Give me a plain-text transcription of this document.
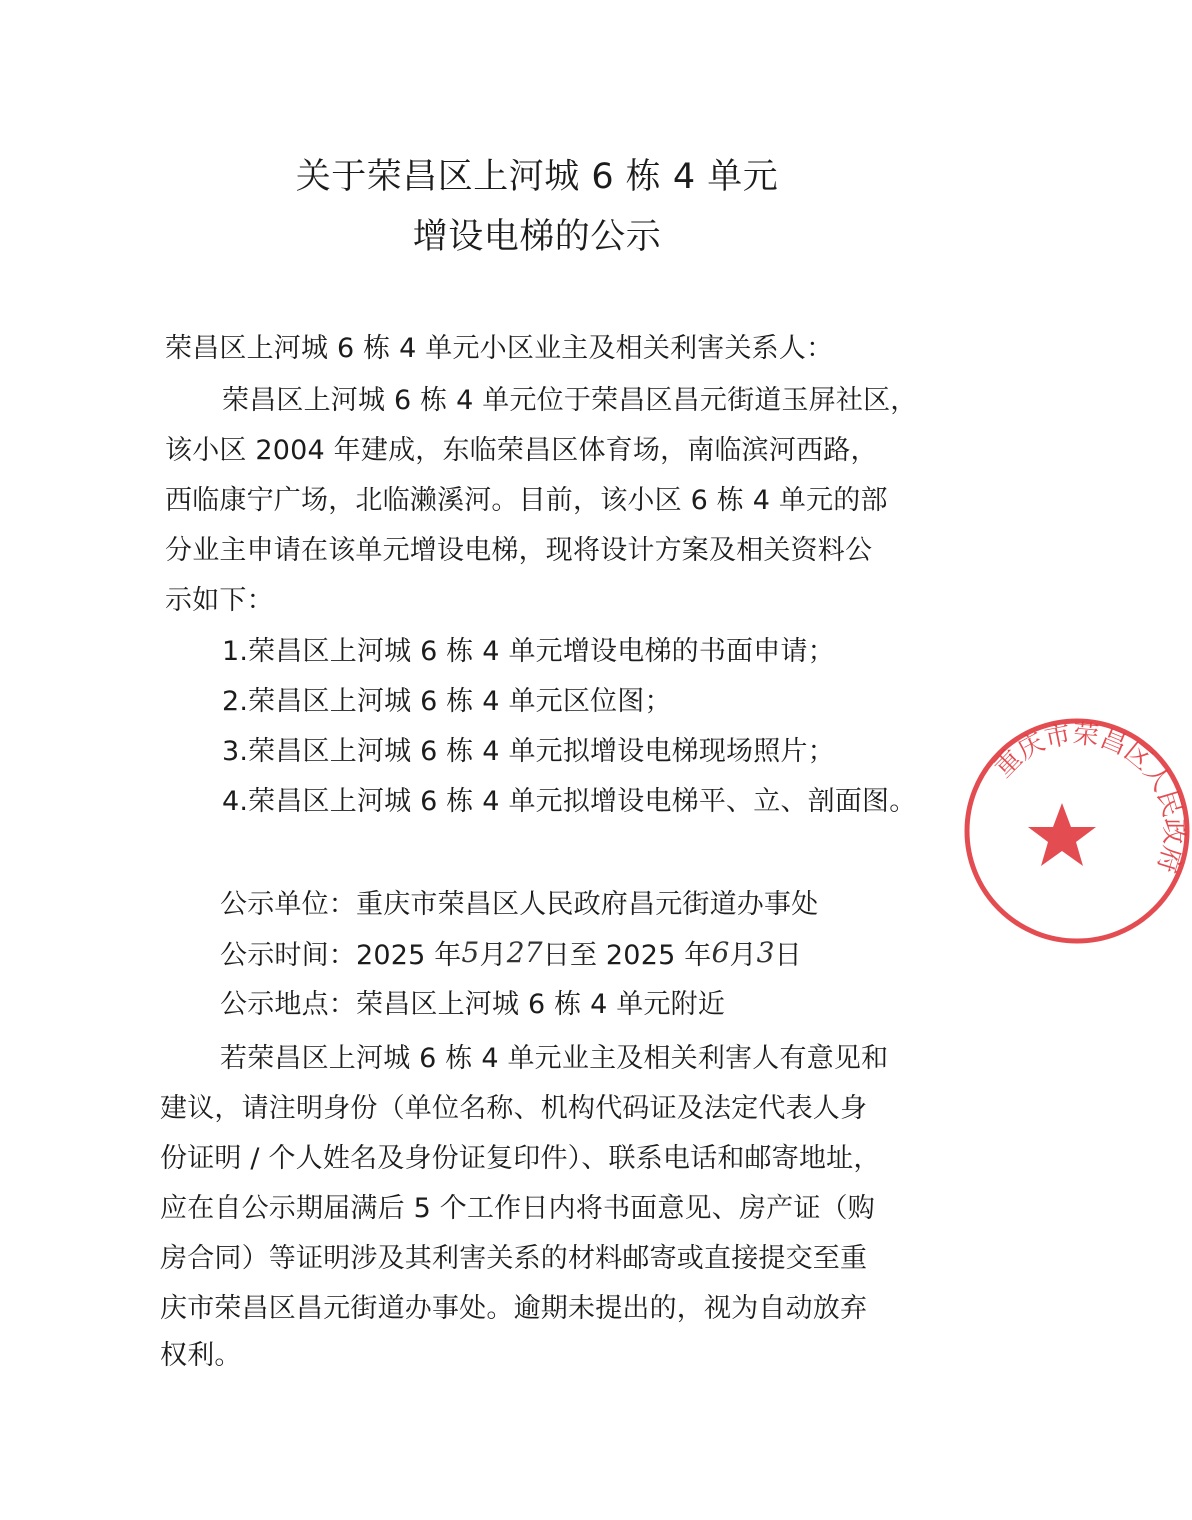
关于荣昌区上河城 6 栋 4 单元
增设电梯的公示

荣昌区上河城 6 栋 4 单元小区业主及相关利害关系人：

荣昌区上河城 6 栋 4 单元位于荣昌区昌元街道玉屏社区，

该小区 2004 年建成，东临荣昌区体育场，南临滨河西路，

西临康宁广场，北临濑溪河。目前，该小区 6 栋 4 单元的部

分业主申请在该单元增设电梯，现将设计方案及相关资料公

示如下：

1.荣昌区上河城 6 栋 4 单元增设电梯的书面申请；

2.荣昌区上河城 6 栋 4 单元区位图；

3.荣昌区上河城 6 栋 4 单元拟增设电梯现场照片；

4.荣昌区上河城 6 栋 4 单元拟增设电梯平、立、剖面图。

公示单位：重庆市荣昌区人民政府昌元街道办事处

公示时间：2025 年5月27日至 2025 年6月3日

公示地点：荣昌区上河城 6 栋 4 单元附近

若荣昌区上河城 6 栋 4 单元业主及相关利害人有意见和

建议，请注明身份（单位名称、机构代码证及法定代表人身

份证明 / 个人姓名及身份证复印件）、联系电话和邮寄地址，

应在自公示期届满后 5 个工作日内将书面意见、房产证（购

房合同）等证明涉及其利害关系的材料邮寄或直接提交至重

庆市荣昌区昌元街道办事处。逾期未提出的，视为自动放弃

权利。

重庆市荣昌区人民政府
